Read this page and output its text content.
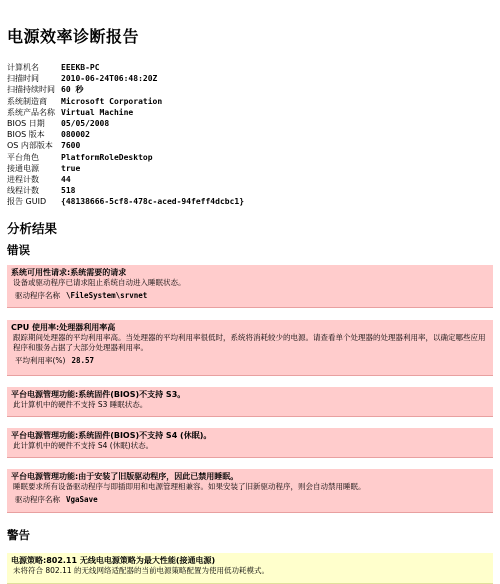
电源效率诊断报告
计算机名	EEEKB-PC
扫描时间	2010-06-24T06:48:20Z
扫描持续时间 60 秒
系统制造商	Microsoft Corporation
系统产品名称 Virtual Machine
BIOS 日期	05/05/2008
BIOS 版本	080002
OS 内部版本	7600
平台角色	PlatformRoleDesktop
接通电源	true
进程计数	44
线程计数	518
报告 GUID	{48138666-5cf8-478c-aced-94feff4dcbc1}
分析结果
错误
系统可用性请求:系统需要的请求
设备或驱动程序已请求阻止系统自动进入睡眠状态。
驱动程序名称 \FileSystem\srvnet
CPU 使用率:处理器利用率高
跟踪期间处理器的平均利用率高。当处理器的平均利用率很低时，系统将消耗较少的电源。请查看单个处理器的处理器利用率，以确定哪些应用程序和服务占据了大部分处理器利用率。
平均利用率(%) 28.57
平台电源管理功能:系统固件(BIOS)不支持 S3。
此计算机中的硬件不支持 S3 睡眠状态。
平台电源管理功能:系统固件(BIOS)不支持 S4 (休眠)。
此计算机中的硬件不支持 S4 (休眠)状态。
平台电源管理功能:由于安装了旧版驱动程序，因此已禁用睡眠。
睡眠要求所有设备驱动程序与即插即用和电源管理相兼容。如果安装了旧新驱动程序，则会自动禁用睡眠。
驱动程序名称 VgaSave
警告
电源策略:802.11 无线电电源策略为最大性能(接通电源)
未将符合 802.11 的无线网络适配器的当前电源策略配置为使用低功耗模式。
